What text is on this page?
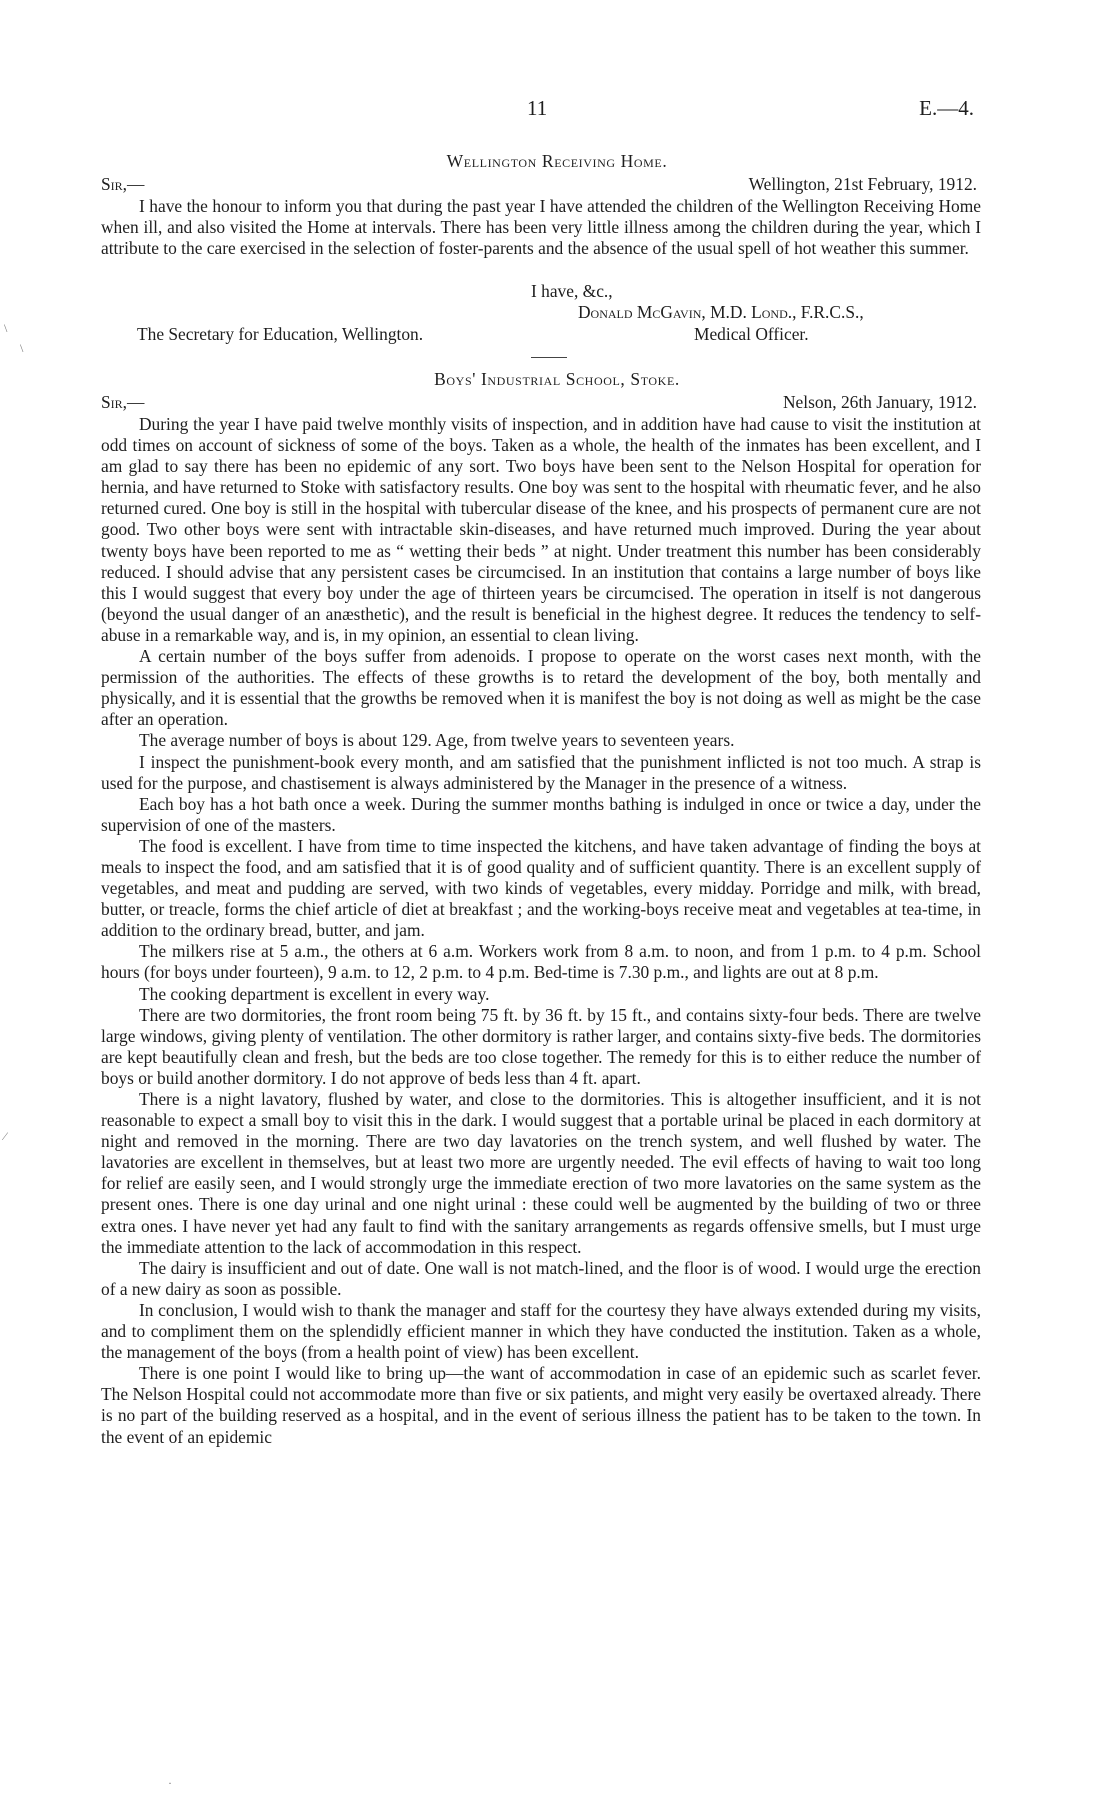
11	E.—4.
Wellington Receiving Home.
Sir,—	Wellington, 21st February, 1912.

I have the honour to inform you that during the past year I have attended the children of the Wellington Receiving Home when ill, and also visited the Home at intervals. There has been very little illness among the children during the year, which I attribute to the care exercised in the selection of foster-parents and the absence of the usual spell of hot weather this summer.

I have, &c.,
Donald McGavin, M.D. Lond., F.R.C.S.,
The Secretary for Education, Wellington.	Medical Officer.
Boys' Industrial School, Stoke.
Sir,—	Nelson, 26th January, 1912.

During the year I have paid twelve monthly visits of inspection, and in addition have had cause to visit the institution at odd times on account of sickness of some of the boys. Taken as a whole, the health of the inmates has been excellent, and I am glad to say there has been no epidemic of any sort. Two boys have been sent to the Nelson Hospital for operation for hernia, and have returned to Stoke with satisfactory results. One boy was sent to the hospital with rheumatic fever, and he also returned cured. One boy is still in the hospital with tubercular disease of the knee, and his prospects of permanent cure are not good. Two other boys were sent with intractable skin-diseases, and have returned much improved. During the year about twenty boys have been reported to me as “ wetting their beds ” at night. Under treatment this number has been considerably reduced. I should advise that any persistent cases be circumcised. In an institution that contains a large number of boys like this I would suggest that every boy under the age of thirteen years be circumcised. The operation in itself is not dangerous (beyond the usual danger of an anæsthetic), and the result is beneficial in the highest degree. It reduces the tendency to self-abuse in a remarkable way, and is, in my opinion, an essential to clean living.

A certain number of the boys suffer from adenoids. I propose to operate on the worst cases next month, with the permission of the authorities. The effects of these growths is to retard the development of the boy, both mentally and physically, and it is essential that the growths be removed when it is manifest the boy is not doing as well as might be the case after an operation.

The average number of boys is about 129. Age, from twelve years to seventeen years.

I inspect the punishment-book every month, and am satisfied that the punishment inflicted is not too much. A strap is used for the purpose, and chastisement is always administered by the Manager in the presence of a witness.

Each boy has a hot bath once a week. During the summer months bathing is indulged in once or twice a day, under the supervision of one of the masters.

The food is excellent. I have from time to time inspected the kitchens, and have taken advantage of finding the boys at meals to inspect the food, and am satisfied that it is of good quality and of sufficient quantity. There is an excellent supply of vegetables, and meat and pudding are served, with two kinds of vegetables, every midday. Porridge and milk, with bread, butter, or treacle, forms the chief article of diet at breakfast ; and the working-boys receive meat and vegetables at tea-time, in addition to the ordinary bread, butter, and jam.

The milkers rise at 5 a.m., the others at 6 a.m. Workers work from 8 a.m. to noon, and from 1 p.m. to 4 p.m. School hours (for boys under fourteen), 9 a.m. to 12, 2 p.m. to 4 p.m. Bed-time is 7.30 p.m., and lights are out at 8 p.m.

The cooking department is excellent in every way.

There are two dormitories, the front room being 75 ft. by 36 ft. by 15 ft., and contains sixty-four beds. There are twelve large windows, giving plenty of ventilation. The other dormitory is rather larger, and contains sixty-five beds. The dormitories are kept beautifully clean and fresh, but the beds are too close together. The remedy for this is to either reduce the number of boys or build another dormitory. I do not approve of beds less than 4 ft. apart.

There is a night lavatory, flushed by water, and close to the dormitories. This is altogether insufficient, and it is not reasonable to expect a small boy to visit this in the dark. I would suggest that a portable urinal be placed in each dormitory at night and removed in the morning. There are two day lavatories on the trench system, and well flushed by water. The lavatories are excellent in themselves, but at least two more are urgently needed. The evil effects of having to wait too long for relief are easily seen, and I would strongly urge the immediate erection of two more lavatories on the same system as the present ones. There is one day urinal and one night urinal : these could well be augmented by the building of two or three extra ones. I have never yet had any fault to find with the sanitary arrangements as regards offensive smells, but I must urge the immediate attention to the lack of accommodation in this respect.

The dairy is insufficient and out of date. One wall is not match-lined, and the floor is of wood. I would urge the erection of a new dairy as soon as possible.

In conclusion, I would wish to thank the manager and staff for the courtesy they have always extended during my visits, and to compliment them on the splendidly efficient manner in which they have conducted the institution. Taken as a whole, the management of the boys (from a health point of view) has been excellent.

There is one point I would like to bring up—the want of accommodation in case of an epidemic such as scarlet fever. The Nelson Hospital could not accommodate more than five or six patients, and might very easily be overtaxed already. There is no part of the building reserved as a hospital, and in the event of serious illness the patient has to be taken to the town. In the event of an epidemic

\
\
⁄
·
